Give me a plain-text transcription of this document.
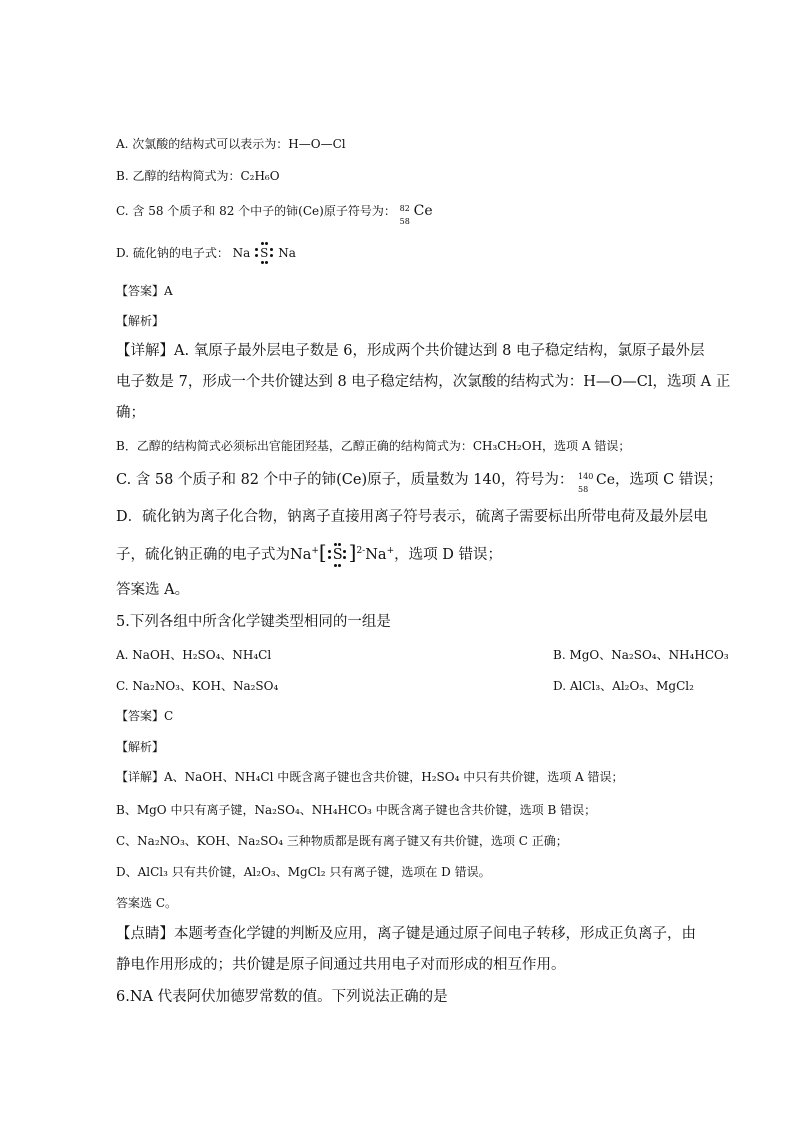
A. 次氯酸的结构式可以表示为：H—O—Cl
B. 乙醇的结构简式为：C₂H₆O
C. 含 58 个质子和 82 个中子的铈(Ce)原子符号为： 82
58
Ce
D. 硫化钠的电子式： Na S Na
【答案】A
【解析】
【详解】A. 氧原子最外层电子数是 6，形成两个共价键达到 8 电子稳定结构，氯原子最外层
电子数是 7，形成一个共价键达到 8 电子稳定结构，次氯酸的结构式为：H—O—Cl，选项 A 正
确；
B．乙醇的结构简式必须标出官能团羟基，乙醇正确的结构简式为：CH₃CH₂OH，选项 A 错误；
C. 含 58 个质子和 82 个中子的铈(Ce)原子，质量数为 140，符号为： 140
58
Ce，选项 C 错误；
D．硫化钠为离子化合物，钠离子直接用离子符号表示，硫离子需要标出所带电荷及最外层电
子，硫化钠正确的电子式为Na+[ S ]$^{2-}$Na+，选项 D 错误；
答案选 A。
5.下列各组中所含化学键类型相同的一组是
A. NaOH、H₂SO₄、NH₄Cl	B. MgO、Na₂SO₄、NH₄HCO₃
C. Na₂NO₃、KOH、Na₂SO₄	D. AlCl₃、Al₂O₃、MgCl₂
【答案】C
【解析】
【详解】A、NaOH、NH₄Cl 中既含离子键也含共价键，H₂SO₄ 中只有共价键，选项 A 错误；
B、MgO 中只有离子键，Na₂SO₄、NH₄HCO₃ 中既含离子键也含共价键，选项 B 错误；
C、Na₂NO₃、KOH、Na₂SO₄ 三种物质都是既有离子键又有共价键，选项 C 正确；
D、AlCl₃ 只有共价键，Al₂O₃、MgCl₂ 只有离子键，选项在 D 错误。
答案选 C。
【点睛】本题考查化学键的判断及应用，离子键是通过原子间电子转移，形成正负离子，由
静电作用形成的；共价键是原子间通过共用电子对而形成的相互作用。
6.NA 代表阿伏加德罗常数的值。下列说法正确的是
